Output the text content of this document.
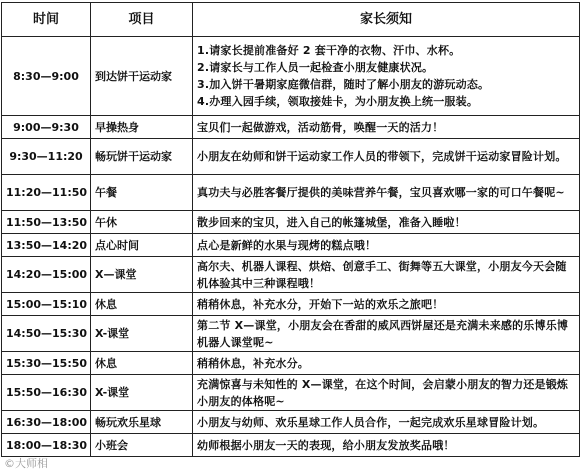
时间	项目	家长须知
8:30—9:00	到达饼干运动家	1.请家长提前准备好 2 套干净的衣物、汗巾、水杯。
2.请家长与工作人员一起检查小朋友健康状况。
3.加入饼干暑期家庭微信群，随时了解小朋友的游玩动态。
4.办理入园手续，领取接娃卡，为小朋友换上统一服装。

9:00—9:30	早操热身	宝贝们一起做游戏，活动筋骨，唤醒一天的活力！

9:30—11:20	畅玩饼干运动家	小朋友在幼师和饼干运动家工作人员的带领下，完成饼干运动家冒险计划。

11:20—11:50	午餐	真功夫与必胜客餐厅提供的美味营养午餐，宝贝喜欢哪一家的可口午餐呢~

11:50—13:50	午休	散步回来的宝贝，进入自己的帐篷城堡，准备入睡啦！

13:50—14:20	点心时间	点心是新鲜的水果与现烤的糕点哦！

14:20—15:00	X—课堂	高尔夫、机器人课程、烘焙、创意手工、街舞等五大课堂，小朋友今天会随机体验其中三种课程哦！

15:00—15:10	休息	稍稍休息，补充水分，开始下一站的欢乐之旅吧！

14:50—15:30	X-课堂	第二节 X—课堂，小朋友会在香甜的威风西饼屋还是充满未来感的乐博乐博机器人课堂呢~

15:30—15:50	休息	稍稍休息，补充水分。

15:50—16:30	X-课堂	充满惊喜与未知性的 X—课堂，在这个时间，会启蒙小朋友的智力还是锻炼小朋友的体格呢~

16:30—18:00	畅玩欢乐星球	小朋友与幼师、欢乐星球工作人员合作，一起完成欢乐星球冒险计划。

18:00—18:30	小班会	幼师根据小朋友一天的表现，给小朋友发放奖品哦！
©大师相
